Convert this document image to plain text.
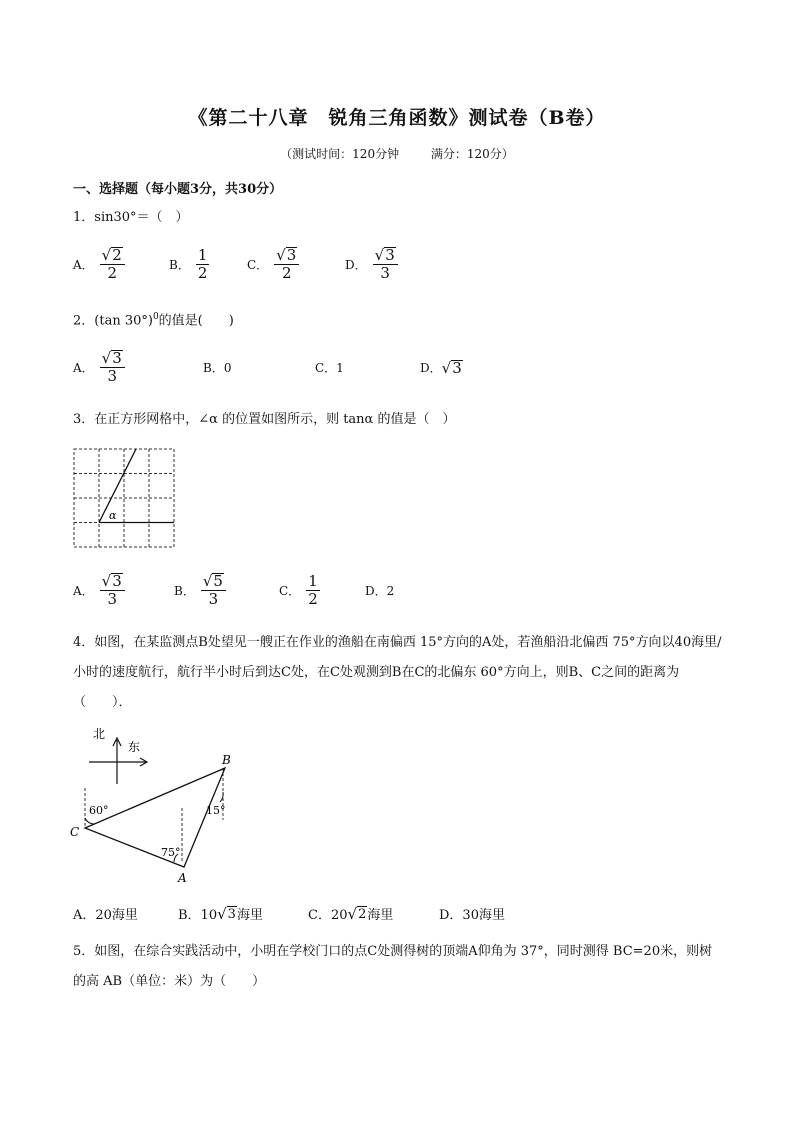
《第二十八章　锐角三角函数》测试卷（B卷）
（测试时间：120分钟	满分：120分）
一、选择题（每小题3分，共30分）
1．sin30°＝（　）
A． $\frac{√ 2}{2}$	B． $\frac{1}{2}$	C． $\frac{√ 3}{2}$	D． $\frac{√ 3}{3}$
2．(tan 30°)$^0$的值是(　　)
A． $\frac{√ 3}{3}$	B．0	C．1	D． √ 3
3．在正方形网格中，∠α 的位置如图所示，则 tanα 的值是（　）
α
A． $\frac{√ 3}{3}$	B． $\frac{√ 5}{3}$	C． $\frac{1}{2}$	D．2
4．如图，在某监测点B处望见一艘正在作业的渔船在南偏西 15°方向的A处，若渔船沿北偏西 75°方向以40海里/小时的速度航行，航行半小时后到达C处，在C处观测到B在C的北偏东 60°方向上，则B、C之间的距离为（　　）．
北
东
B
C
A
60°
75°
15°
A．20海里	B．10 √ 3 海里	C．20 √ 2 海里	D．30海里
5．如图，在综合实践活动中，小明在学校门口的点C处测得树的顶端A仰角为 37°，同时测得 BC=20米，则树的高 AB（单位：米）为（　　）
